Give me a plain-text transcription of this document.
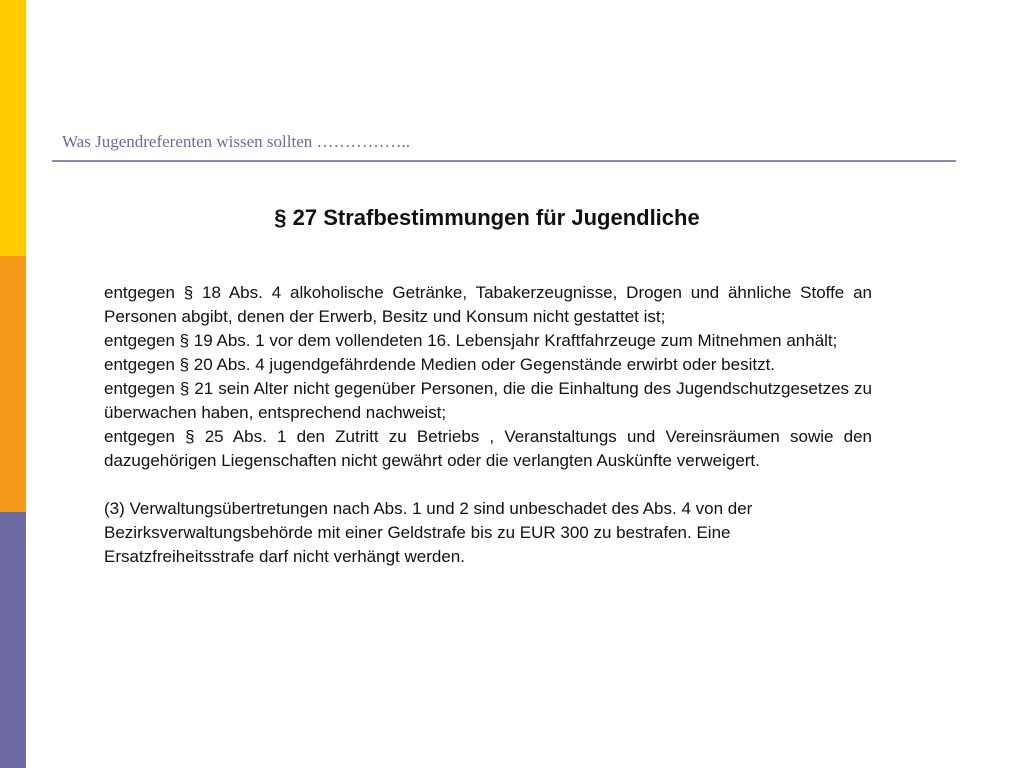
Was Jugendreferenten wissen sollten ……………..
§ 27 Strafbestimmungen für Jugendliche

entgegen § 18 Abs. 4 alkoholische Getränke, Tabakerzeugnisse, Drogen und ähnliche Stoffe an Personen abgibt, denen der Erwerb, Besitz und Konsum nicht gestattet ist;

entgegen § 19 Abs. 1 vor dem vollendeten 16. Lebensjahr Kraftfahrzeuge zum Mitnehmen anhält;

entgegen § 20 Abs. 4 jugendgefährdende Medien oder Gegenstände erwirbt oder besitzt.

entgegen § 21 sein Alter nicht gegenüber Personen, die die Einhaltung des Jugendschutzgesetzes zu überwachen haben, entsprechend nachweist;

entgegen § 25 Abs. 1 den Zutritt zu Betriebs , Veranstaltungs und Vereinsräumen sowie den dazugehörigen Liegenschaften nicht gewährt oder die verlangten Auskünfte verweigert.

(3) Verwaltungsübertretungen nach Abs. 1 und 2 sind unbeschadet des Abs. 4 von der Bezirksverwaltungsbehörde mit einer Geldstrafe bis zu EUR 300 zu bestrafen. Eine Ersatzfreiheitsstrafe darf nicht verhängt werden.
